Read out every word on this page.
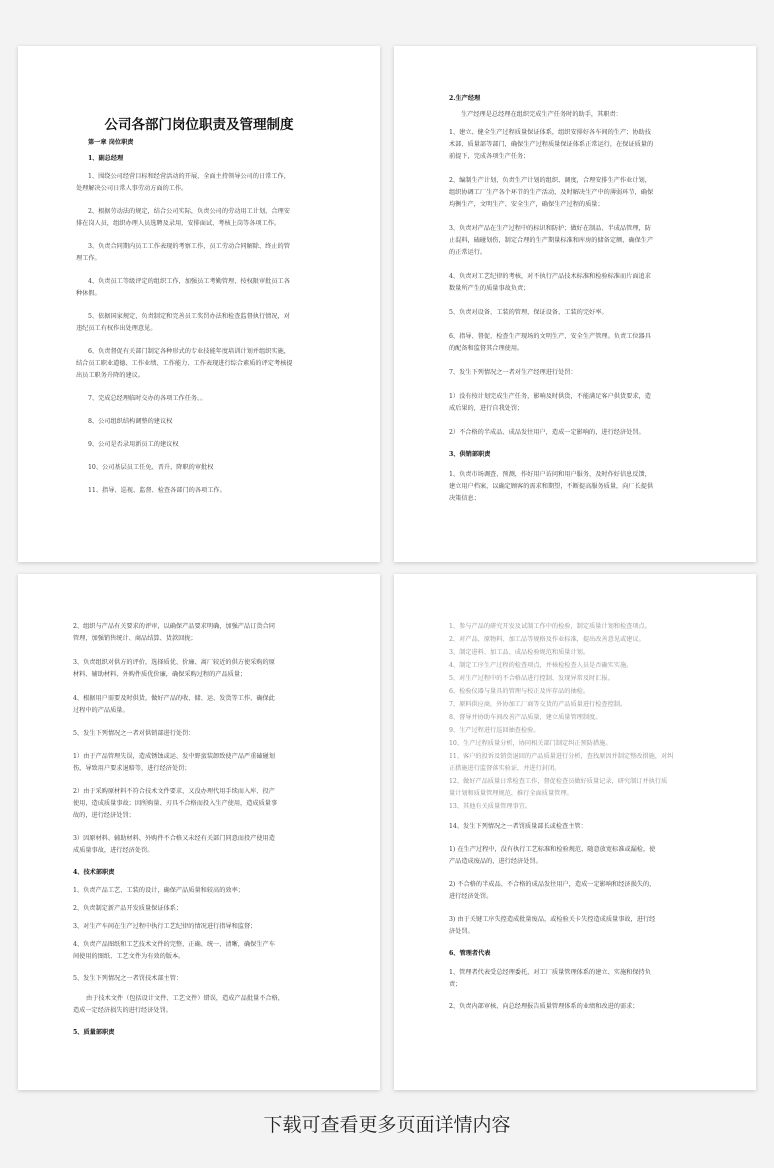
公司各部门岗位职责及管理制度
第一章 岗位职责
1、副总经理
1、围绕公司经营目标和经营活动的开展，全面主持领导公司的日常工作，
处理解决公司日常人事劳动方面的工作。
2、根据劳动法的规定，结合公司实际，负责公司的劳动用工计划，合理安
排在岗人员，组织办理人员选聘及录用，安排面试、考核上岗等各项工作。
3、负责合同期内员工工作表现的考察工作，员工劳动合同解除、终止的管
理工作。
4、负责员工等级评定的组织工作，加强员工考勤管理，按权限审批员工各
种休假。
5、依据国家规定，负责制定和完善员工奖罚办法和检查监督执行情况，对
违纪员工有权作出处理意见。
6、负责督促有关部门制定各种形式的专业技能年度培训计划并组织实施，
结合员工职业道德、工作业绩、工作能力、工作表现进行综合素质的评定考核提
出员工职务升降的建议。
7、完成总经理临时交办的各项工作任务。。
8、公司组织结构调整的建议权
9、公司是否录用新员工的建议权
10、公司基层员工任免、晋升、降职的审批权
11、指导、巡视、监督、检查各部门的各项工作。
2.生产经理
生产经理是总经理在组织完成生产任务时的助手，其职责：
1、建立、健全生产过程质量保证体系，组织安排好各车间的生产；协助技
术部、质量部等部门，确保生产过程质量保证体系正常运行，在保证质量的
前提下，完成各项生产任务；
2、编制生产计划，负责生产计划的组织、调度，合理安排生产作业计划，
组织协调工厂生产各个环节的生产活动，及时解决生产中的薄弱环节，确保
均衡生产，文明生产、安全生产，确保生产过程的质量；
3、负责对产品在生产过程中的标识和防护；做好在制品、半成品管理，防
止混料，磕碰划伤，制定合理的生产期量标准和库房的储备定额，确保生产
的正常运行。
4、负责对工艺纪律的考核，对不执行产品技术标准和检验标准而片面追求
数量所产生的质量事故负责；
5、负责对设备、工装的管理，保证设备、工装的完好率。
6、指导、督促、检查生产现场的文明生产、安全生产管理。负责工位器具
的配备和监督其合理使用。
7、发生下列情况之一者对生产经理进行处罚：
1）没有按计划完成生产任务，影响及时供货，不能满足客户供货要求，造
成后果的，进行自我处罚；
2）不合格的半成品、成品发往用户，造成一定影响的，进行经济处罚。
3、供销部职责
1、负责市场调查、预测，作好用户访问和用户服务，及时作好信息反馈，
建立用户档案，以确定顾客的需求和期望，不断提高服务质量，向厂长提供
决策信息；
2、组织与产品有关要求的评审，以确保产品要求明确，加强产品订货合同
管理，加强销售统计、商品结算、货款回拢；
3、负责组织对供方的评价，选择质优、价廉、离厂较近的供方使采购的原
材料、辅助材料、外购件质优价廉，确保采购过程的产品质量；
4、根据用户需要及时供货，做好产品的收、储、运、发货等工作，确保此
过程中的产品质量。
5、发生下列情况之一者对供销部进行处罚：
1）由于产品管理失误，造成锈蚀或运、发中野蛮装卸致使产品严重磕碰划
伤，导致用户要求退赔等，进行经济处罚；
2）由于采购原材料不符合技术文件要求，又没办理代用手续而入库、投产
使用，造成质量事故；因所购量、刃具不合格而投入生产使用，造成质量事
故的，进行经济处罚；
3）因原材料、辅助材料、外购件不合格又未经有关部门同意而投产使用造
成质量事故，进行经济处罚。
4、技术部职责
1、负责产品工艺、工装的设计，确保产品质量和较高的效率；
2、负责制定新产品开发质量保证体系；
3、对生产车间在生产过程中执行工艺纪律的情况进行指导和监督；
4、负责产品图纸和工艺技术文件的完整、正确、统一、清晰，确保生产车
间使用的图纸、工艺文件为有效的版本。
5、发生下列情况之一者罚技术部主管：
由于技术文件（包括设计文件、工艺文件）错误，造成产品批量不合格，
造成一定经济损失的进行经济处罚。
5、质量部职责
1、参与产品的研究开发及试制工作中的检验，制定质量计划和检查项点。
2、对产品、原物料、加工品等规格及作业标准，提出改善意见或建议。
3、制定进料、加工品、成品检验规范和质量计划。
4、制定工序生产过程的检查项点，并核检检查人员是否确实实施。
5、对生产过程中的不合格品进行控制、发现异常及时汇报。
6、检验仪器与量具的管理与校正及库存品的抽检。
7、原料供应商，外协加工厂商等交货的产品质量进行检查控制。
8、督导并协助车间改善产品质量，建立质量管理制度。
9、生产过程进行巡回抽查检验。
10、生产过程质量分析，协同相关部门制定纠正预防措施。
11、客户的投诉及销货退回的产品质量进行分析，查找原因并制定整改措施，对纠
正措施进行监督落实验证，并进行封闭。
12、做好产品质量日常检查工作，督促检查员做好质量记录，研究制订并执行质
量计划和质量管理规范，推行全面质量管理。
13、其他有关质量管理事宜。
14、发生下列情况之一者罚质量部长或检查主管：
1) 在生产过程中，没有执行工艺标准和检验规范，随意放宽标准或漏检，使
产品造成废品的，进行经济处罚。
2) 不合格的半成品、不合格的成品发往用户，造成一定影响和经济损失的，
进行经济处罚。
3) 由于关键工序失控造成批量废品，或检验关卡失控造成质量事故，进行经
济处罚。
6、管理者代表
1、管理者代表受总经理委托，对工厂质量管理体系的建立、实施和保持负
责；
2、负责内部审核，向总经理报告质量管理体系的业绩和改进的需求；
下载可查看更多页面详情内容
